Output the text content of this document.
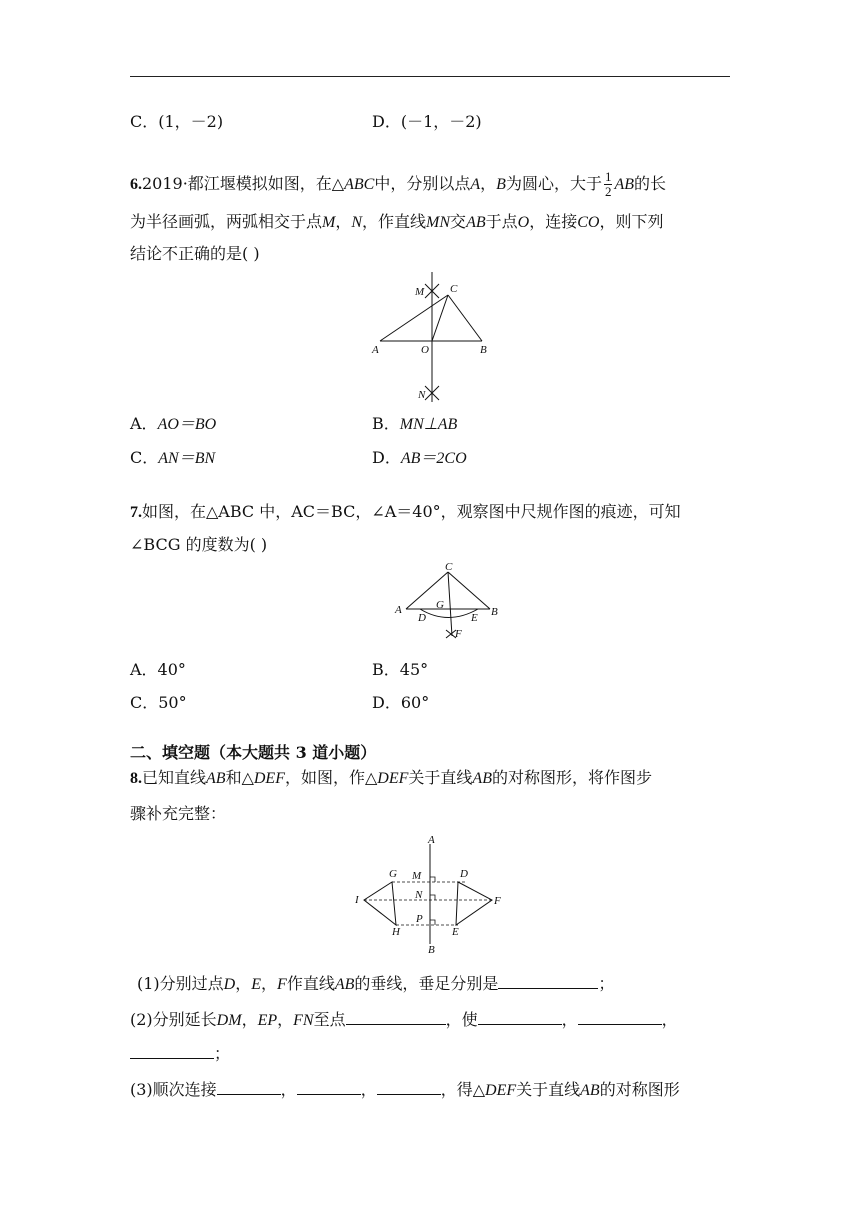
C．(1，－2)	D．(－1，－2)
6.2019·都江堰模拟如图，在△ABC中，分别以点A，B为圆心，大于 $\frac{1}{2}$ AB的长
为半径画弧，两弧相交于点M，N，作直线MN交AB于点O，连接CO，则下列
结论不正确的是( )
M C
A	O	B
N
A．AO＝BO	B．MN⊥AB
C．AN＝BN	D．AB＝2CO
7.如图，在△ABC 中，AC＝BC，∠A＝40°，观察图中尺规作图的痕迹，可知
∠BCG 的度数为( )
C
A	G
B
D	E
F
A．40°	B．45°
C．50°	D．60°
二、填空题（本大题共 3 道小题）
8.已知直线AB和△DEF，如图，作△DEF关于直线AB的对称图形，将作图步
骤补充完整：
A
G M	D
I	N	F
P
H	E
B
(1)分别过点D，E，F作直线AB的垂线，垂足分别是	；
(2)分别延长DM，EP，FN至点	，使	，	，
；
(3)顺次连接	，	，	，得△DEF关于直线AB的对称图形
